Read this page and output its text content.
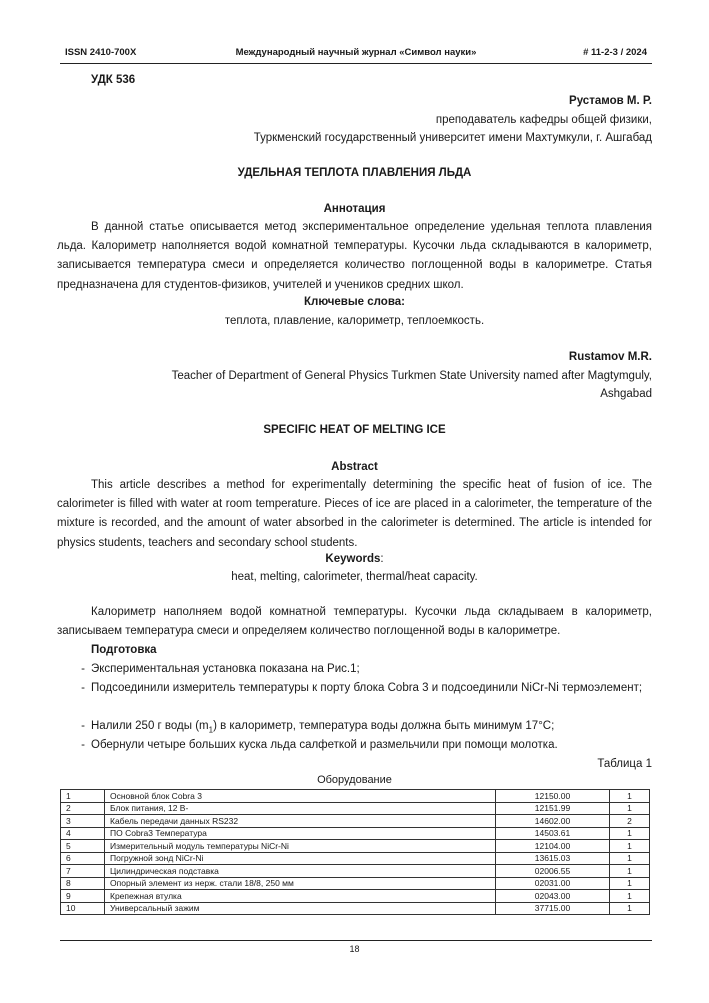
ISSN 2410-700Х	Международный научный журнал «Символ науки»	# 11-2-3 / 2024
УДК 536
Рустамов М. Р.
преподаватель кафедры общей физики,
Туркменский государственный университет имени Махтумкули, г. Ашгабад
УДЕЛЬНАЯ ТЕПЛОТА ПЛАВЛЕНИЯ ЛЬДА
Аннотация
В данной статье описывается метод экспериментальное определение удельная теплота плавления льда. Калориметр наполняется водой комнатной температуры. Кусочки льда складываются в калориметр, записывается температура смеси и определяется количество поглощенной воды в калориметре. Статья предназначена для студентов-физиков, учителей и учеников средних школ.
Ключевые слова:
теплота, плавление, калориметр, теплоемкость.
Rustamov M.R.
Teacher of Department of General Physics Turkmen State University named after Magtymguly,
Ashgabad
SPECIFIC HEAT OF MELTING ICE
Abstract
This article describes a method for experimentally determining the specific heat of fusion of ice. The calorimeter is filled with water at room temperature. Pieces of ice are placed in a calorimeter, the temperature of the mixture is recorded, and the amount of water absorbed in the calorimeter is determined. The article is intended for physics students, teachers and secondary school students.
Keywords:
heat, melting, calorimeter, thermal/heat capacity.
Калориметр наполняем водой комнатной температуры. Кусочки льда складываем в калориметр, записываем температура смеси и определяем количество поглощенной воды в калориметре.
Подготовка
- Экспериментальная установка показана на Рис.1;
- Подсоединили измеритель температуры к порту блока Cobra 3 и подсоединили NiCr-Ni термоэлемент;
- Налили 250 г воды $(m_1)$ в калориметр, температура воды должна быть минимум 17°С;
- Обернули четыре больших куска льда салфеткой и размельчили при помощи молотка.
Таблица 1
Оборудование
1	Основной блок Cobra 3	12150.00	1
2	Блок питания, 12 В-	12151.99	1
3	Кабель передачи данных RS232	14602.00	2
4	ПО Cobra3 Температура	14503.61	1
5	Измерительный модуль температуры NiCr-Ni	12104.00	1
6	Погружной зонд NiCr-Ni	13615.03	1
7	Цилиндрическая подставка	02006.55	1
8	Опорный элемент из нерж. стали 18/8, 250 мм	02031.00	1
9	Крепежная втулка	02043.00	1
10	Универсальный зажим	37715.00	1
18
